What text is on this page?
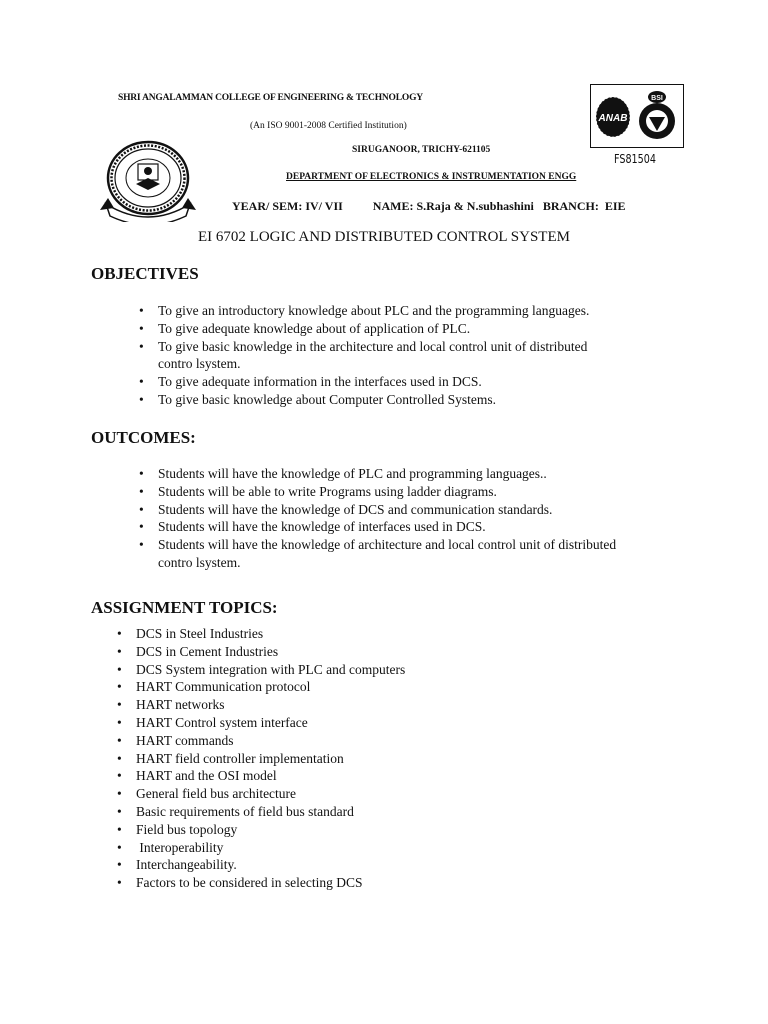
SHRI ANGALAMMAN COLLEGE OF ENGINEERING & TECHNOLOGY
(An ISO 9001-2008 Certified Institution)
SIRUGANOOR, TRICHY-621105
DEPARTMENT OF ELECTRONICS & INSTRUMENTATION ENGG
YEAR/ SEM: IV/ VII          NAME: S.Raja & N.subhashini   BRANCH:  EIE
ANAB
BSI
FS81504
EI 6702 LOGIC AND DISTRIBUTED CONTROL SYSTEM
OBJECTIVES
• To give an introductory knowledge about PLC and the programming languages.
• To give adequate knowledge about of application of PLC.
• To give basic knowledge in the architecture and local control unit of distributed
contro lsystem.
• To give adequate information in the interfaces used in DCS.
• To give basic knowledge about Computer Controlled Systems.
OUTCOMES:
• Students will have the knowledge of PLC and programming languages..
• Students will be able to write Programs using ladder diagrams.
• Students will have the knowledge of DCS and communication standards.
• Students will have the knowledge of interfaces used in DCS.
• Students will have the knowledge of architecture and local control unit of distributed
contro lsystem.
ASSIGNMENT TOPICS:
• DCS in Steel Industries
• DCS in Cement Industries
• DCS System integration with PLC and computers
• HART Communication protocol
• HART networks
• HART Control system interface
• HART commands
• HART field controller implementation
• HART and the OSI model
• General field bus architecture
• Basic requirements of field bus standard
• Field bus topology
•  Interoperability
• Interchangeability.
• Factors to be considered in selecting DCS
